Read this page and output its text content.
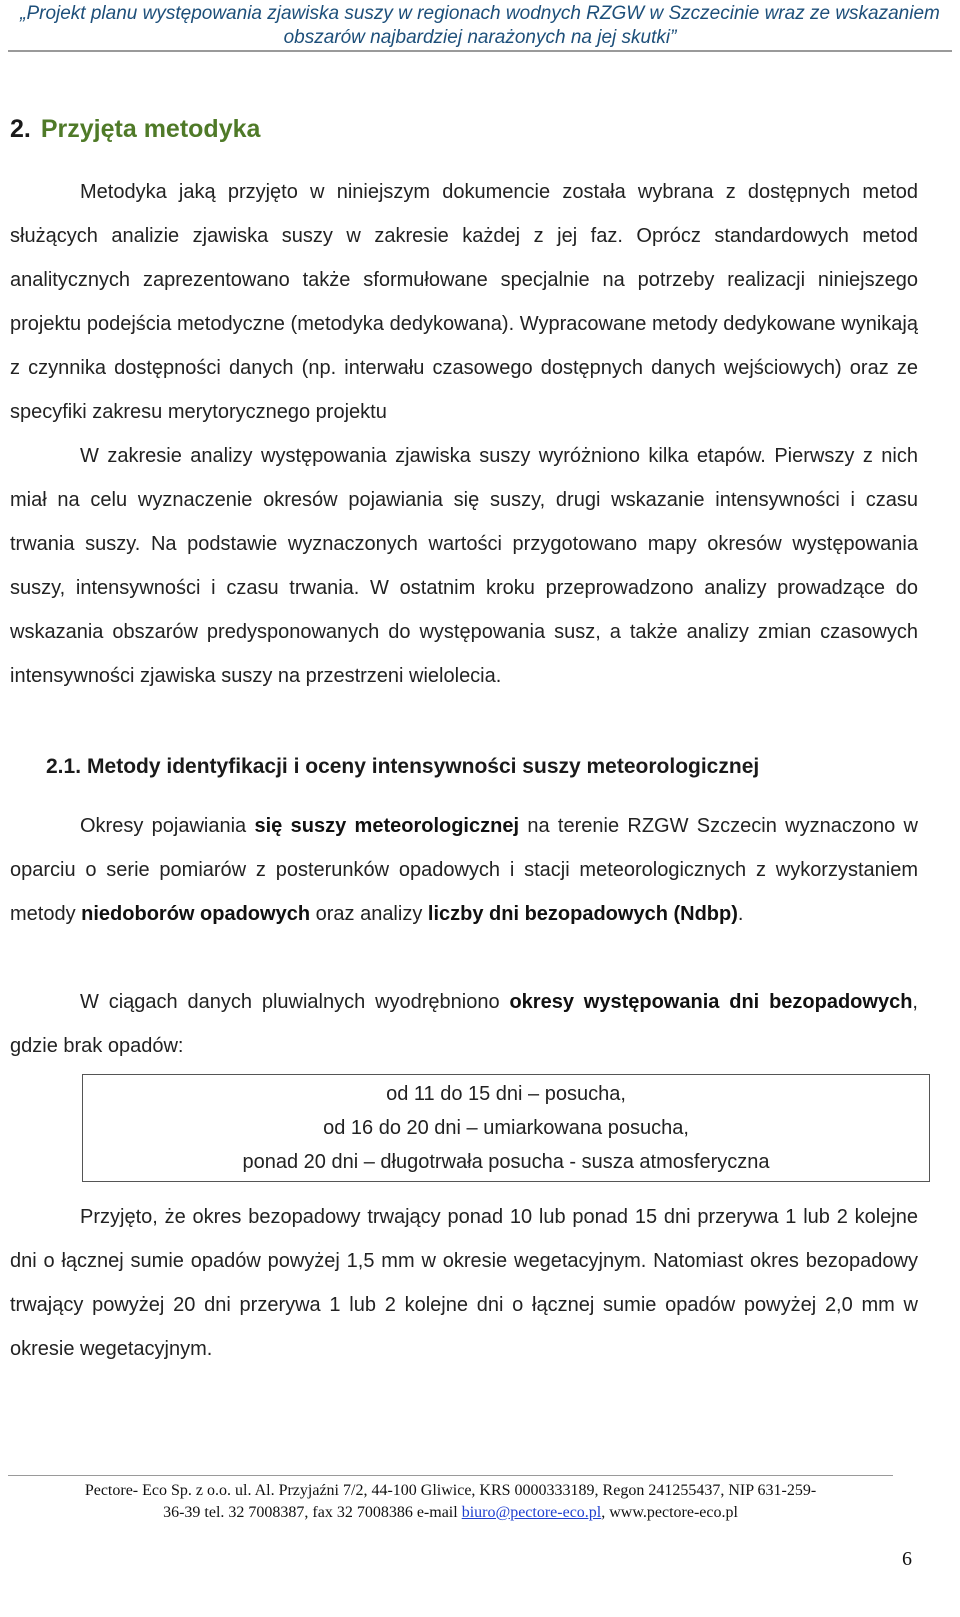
„Projekt planu występowania zjawiska suszy w regionach wodnych RZGW w Szczecinie wraz ze wskazaniem
obszarów najbardziej narażonych na jej skutki”
2. Przyjęta metodyka

Metodyka jaką przyjęto w niniejszym dokumencie została wybrana z dostępnych metod służących analizie zjawiska suszy w zakresie każdej z jej faz. Oprócz standardowych metod analitycznych zaprezentowano także sformułowane specjalnie na potrzeby realizacji niniejszego projektu podejścia metodyczne (metodyka dedykowana). Wypracowane metody dedykowane wynikają z czynnika dostępności danych (np. interwału czasowego dostępnych danych wejściowych) oraz ze specyfiki zakresu merytorycznego projektu

W zakresie analizy występowania zjawiska suszy wyróżniono kilka etapów. Pierwszy z nich miał na celu wyznaczenie okresów pojawiania się suszy, drugi wskazanie intensywności i czasu trwania suszy. Na podstawie wyznaczonych wartości przygotowano mapy okresów występowania suszy, intensywności i czasu trwania. W ostatnim kroku przeprowadzono analizy prowadzące do wskazania obszarów predysponowanych do występowania susz, a także analizy zmian czasowych intensywności zjawiska suszy na przestrzeni wielolecia.

2.1. Metody identyfikacji i oceny intensywności suszy meteorologicznej

Okresy pojawiania się suszy meteorologicznej na terenie RZGW Szczecin wyznaczono w oparciu o serie pomiarów z posterunków opadowych i stacji meteorologicznych z wykorzystaniem metody niedoborów opadowych oraz analizy liczby dni bezopadowych (Ndbp).

W ciągach danych pluwialnych wyodrębniono okresy występowania dni bezopadowych, gdzie brak opadów:

od 11 do 15 dni – posucha,
od 16 do 20 dni – umiarkowana posucha,
ponad 20 dni – długotrwała posucha - susza atmosferyczna

Przyjęto, że okres bezopadowy trwający ponad 10 lub ponad 15 dni przerywa 1 lub 2 kolejne dni o łącznej sumie opadów powyżej 1,5 mm w okresie wegetacyjnym. Natomiast okres bezopadowy trwający powyżej 20 dni przerywa 1 lub 2 kolejne dni o łącznej sumie opadów powyżej 2,0 mm w okresie wegetacyjnym.

Pectore- Eco Sp. z o.o. ul. Al. Przyjaźni 7/2, 44-100 Gliwice, KRS 0000333189, Regon 241255437, NIP 631-259-
36-39 tel. 32 7008387, fax 32 7008386 e-mail biuro@pectore-eco.pl, www.pectore-eco.pl
6
